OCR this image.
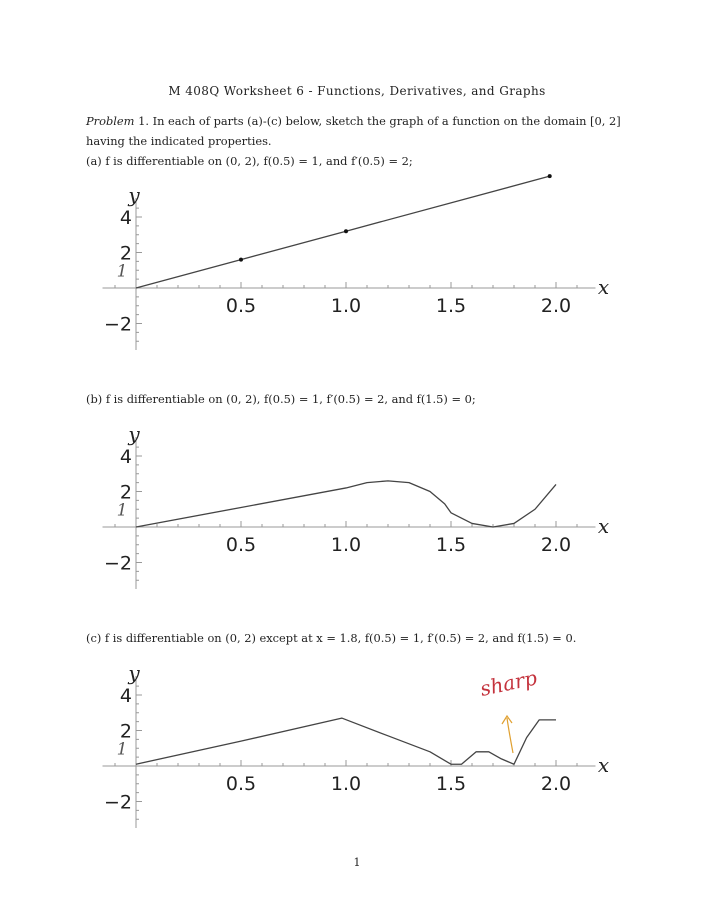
M 408Q Worksheet 6 - Functions, Derivatives, and Graphs
Problem 1. In each of parts (a)-(c) below, sketch the graph of a function on the domain [0, 2] having the indicated properties.
(a) f is differentiable on (0, 2), f(0.5) = 1, and f′(0.5) = 2;
0.5	1.0	1.5	2.0
−2
2
4
x
y
1
(b) f is differentiable on (0, 2), f(0.5) = 1, f′(0.5) = 2, and f(1.5) = 0;
0.5	1.0	1.5	2.0
−2
2
4
x
y
1
(c) f is differentiable on (0, 2) except at x = 1.8, f(0.5) = 1, f′(0.5) = 2, and f(1.5) = 0.
0.5	1.0	1.5	2.0
−2
2
4
x
y
1
sharp
1
